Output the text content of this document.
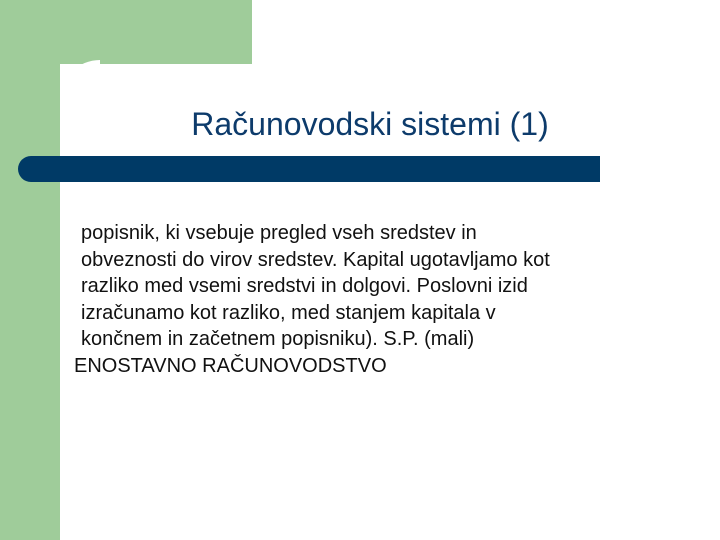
Računovodski sistemi (1)
popisnik, ki vsebuje pregled vseh sredstev in
obveznosti do virov sredstev. Kapital ugotavljamo kot
razliko med vsemi sredstvi in dolgovi. Poslovni izid
izračunamo kot razliko, med stanjem kapitala v
končnem in začetnem popisniku). S.P. (mali)
ENOSTAVNO RAČUNOVODSTVO
